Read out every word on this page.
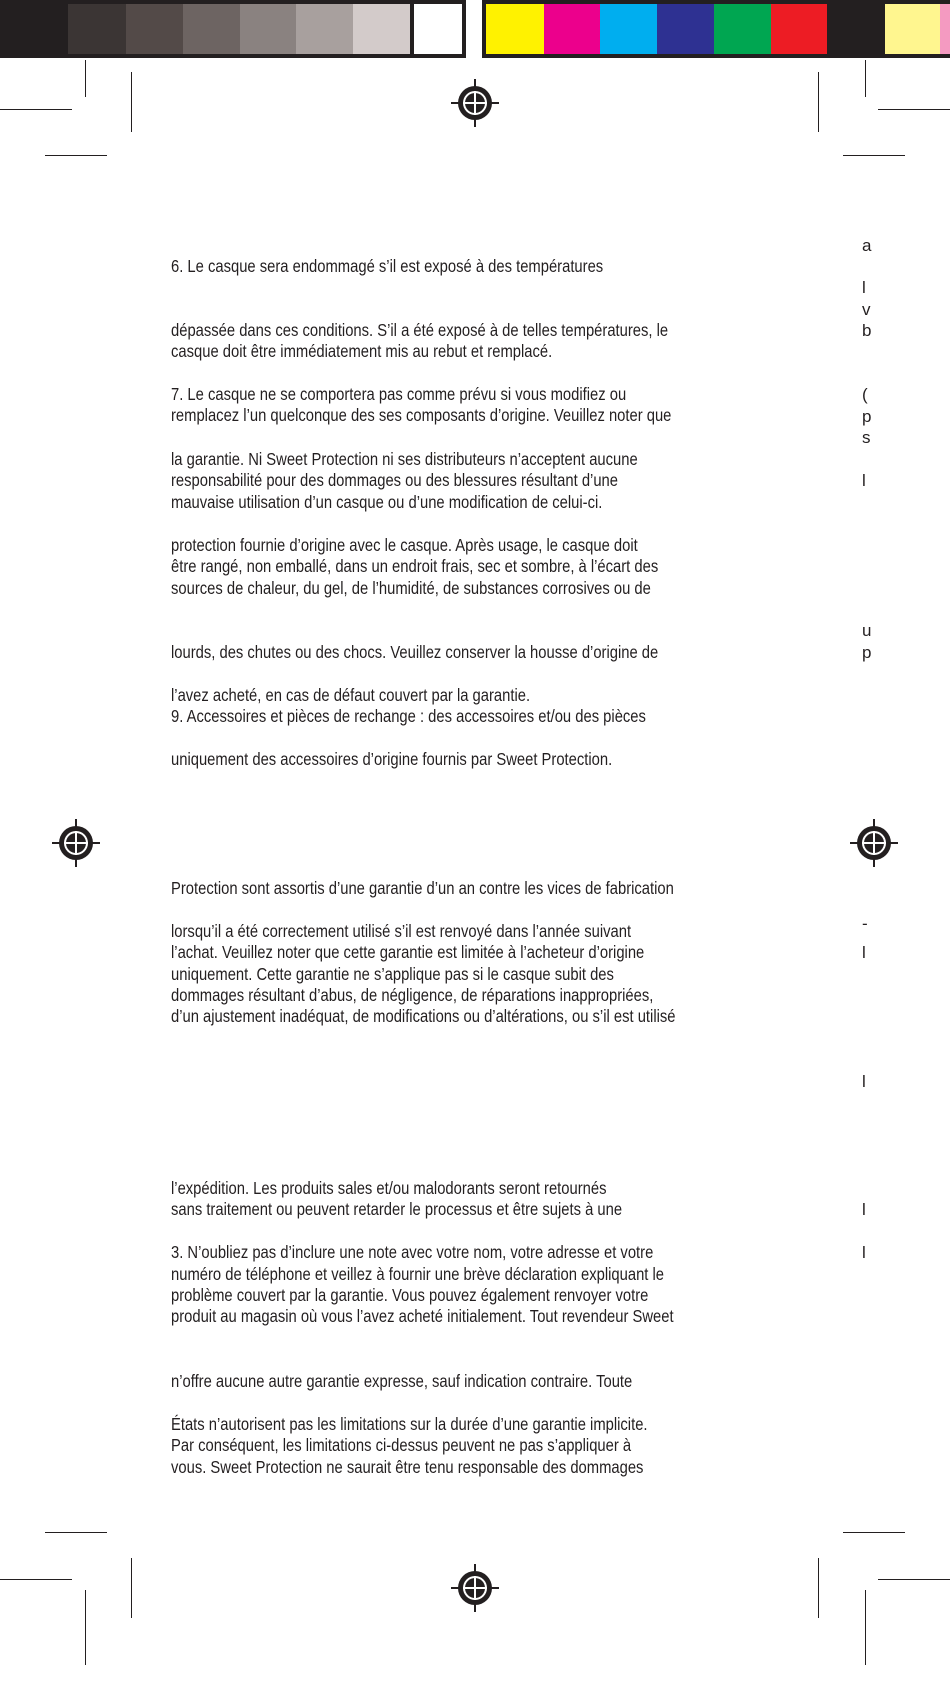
6. Le casque sera endommagé s’il est exposé à des températures
dépassée dans ces conditions. S’il a été exposé à de telles températures, le
casque doit être immédiatement mis au rebut et remplacé.
7. Le casque ne se comportera pas comme prévu si vous modifiez ou
remplacez l’un quelconque des ses composants d’origine. Veuillez noter que
la garantie. Ni Sweet Protection ni ses distributeurs n’acceptent aucune
responsabilité pour des dommages ou des blessures résultant d’une
mauvaise utilisation d’un casque ou d’une modification de celui-ci.
protection fournie d’origine avec le casque. Après usage, le casque doit
être rangé, non emballé, dans un endroit frais, sec et sombre, à l’écart des
sources de chaleur, du gel, de l’humidité, de substances corrosives ou de
lourds, des chutes ou des chocs. Veuillez conserver la housse d’origine de
l’avez acheté, en cas de défaut couvert par la garantie.
9. Accessoires et pièces de rechange : des accessoires et/ou des pièces
uniquement des accessoires d’origine fournis par Sweet Protection.
Protection sont assortis d’une garantie d’un an contre les vices de fabrication
lorsqu’il a été correctement utilisé s’il est renvoyé dans l’année suivant
l’achat. Veuillez noter que cette garantie est limitée à l’acheteur d’origine
uniquement. Cette garantie ne s’applique pas si le casque subit des
dommages résultant d’abus, de négligence, de réparations inappropriées,
d’un ajustement inadéquat, de modifications ou d’altérations, ou s’il est utilisé
l’expédition. Les produits sales et/ou malodorants seront retournés
sans traitement ou peuvent retarder le processus et être sujets à une
3. N’oubliez pas d’inclure une note avec votre nom, votre adresse et votre
numéro de téléphone et veillez à fournir une brève déclaration expliquant le
problème couvert par la garantie. Vous pouvez également renvoyer votre
produit au magasin où vous l’avez acheté initialement. Tout revendeur Sweet
n’offre aucune autre garantie expresse, sauf indication contraire. Toute
États n’autorisent pas les limitations sur la durée d’une garantie implicite.
Par conséquent, les limitations ci-dessus peuvent ne pas s’appliquer à
vous. Sweet Protection ne saurait être tenu responsable des dommages
a
l
v
b
(
p
s
l
u
p
-
l
l
l
l
